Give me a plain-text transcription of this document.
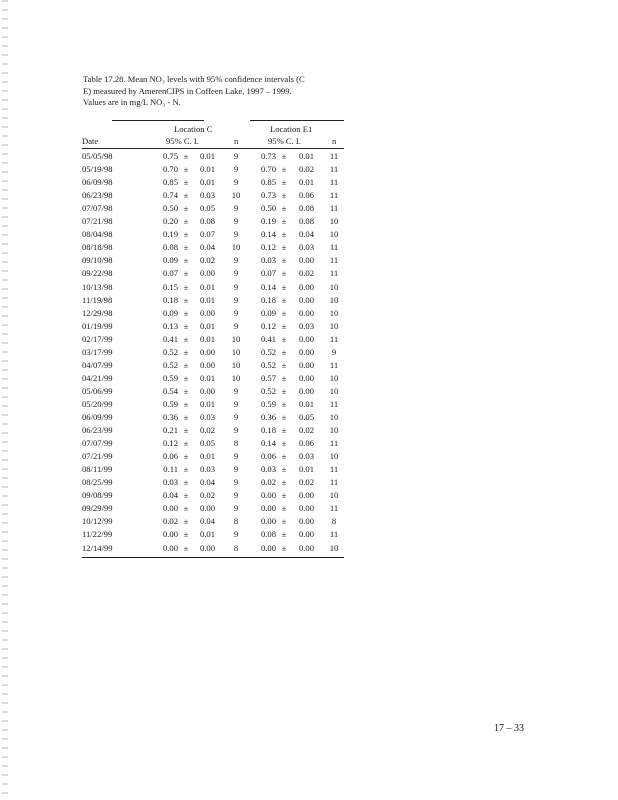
Table 17.28. Mean NO₃ levels with 95% confidence intervals (C
E) measured by AmerenCIPS in Coffeen Lake, 1997 – 1999.
Values are in mg/L NO₃ - N.
Location C	Location E1
Date	95% C. I.	n	95% C. I.	n
05/05/98	0.75 ±	0.01	9	0.73 ±	0.01 11
05/19/98	0.70 ±	0.01	9	0.70 ±	0.02 11
06/09/98	0.85 ±	0.01	9	0.85 ±	0.01 11
06/23/98	0.74 ±	0.03 10	0.73 ±	0.06 11
07/07/98	0.50 ±	0.05	9	0.50 ±	0.08 11
07/21/98	0.20 ±	0.08	9	0.19 ±	0.08 10
08/04/98	0.19 ±	0.07	9	0.14 ±	0.04 10
08/18/98	0.08 ±	0.04 10	0.12 ±	0.03 11
09/10/98	0.09 ±	0.02	9	0.03 ±	0.00 11
09/22/98	0.07 ±	0.00	9	0.07 ±	0.02 11
10/13/98	0.15 ±	0.01	9	0.14 ±	0.00 10
11/19/98	0.18 ±	0.01	9	0.18 ±	0.00 10
12/29/98	0.09 ±	0.00	9	0.09 ±	0.00 10
01/19/99	0.13 ±	0.01	9	0.12 ±	0.03 10
02/17/99	0.41 ±	0.01 10	0.41 ±	0.00 11
03/17/99	0.52 ±	0.00 10	0.52 ±	0.00	9
04/07/99	0.52 ±	0.00 10	0.52 ±	0.00 11
04/21/99	0.59 ±	0.01 10	0.57 ±	0.00 10
05/06/99	0.54 ±	0.00	9	0.52 ±	0.00 10
05/20/99	0.59 ±	0.01	9	0.59 ±	0.01 11
06/09/99	0.36 ±	0.03	9	0.36 ±	0.05 10
06/23/99	0.21 ±	0.02	9	0.18 ±	0.02 10
07/07/99	0.12 ±	0.05	8	0.14 ±	0.06 11
07/21/99	0.06 ±	0.01	9	0.06 ±	0.03 10
08/11/99	0.11 ±	0.03	9	0.03 ±	0.01 11
08/25/99	0.03 ±	0.04	9	0.02 ±	0.02 11
09/08/99	0.04 ±	0.02	9	0.00 ±	0.00 10
09/29/99	0.00 ±	0.00	9	0.00 ±	0.00 11
10/12/99	0.02 ±	0.04	8	0.00 ±	0.00	8
11/22/99	0.00 ±	0.01	9	0.08 ±	0.00 11
12/14/99	0.00 ±	0.00	8	0.00 ±	0.00 10
17 – 33
